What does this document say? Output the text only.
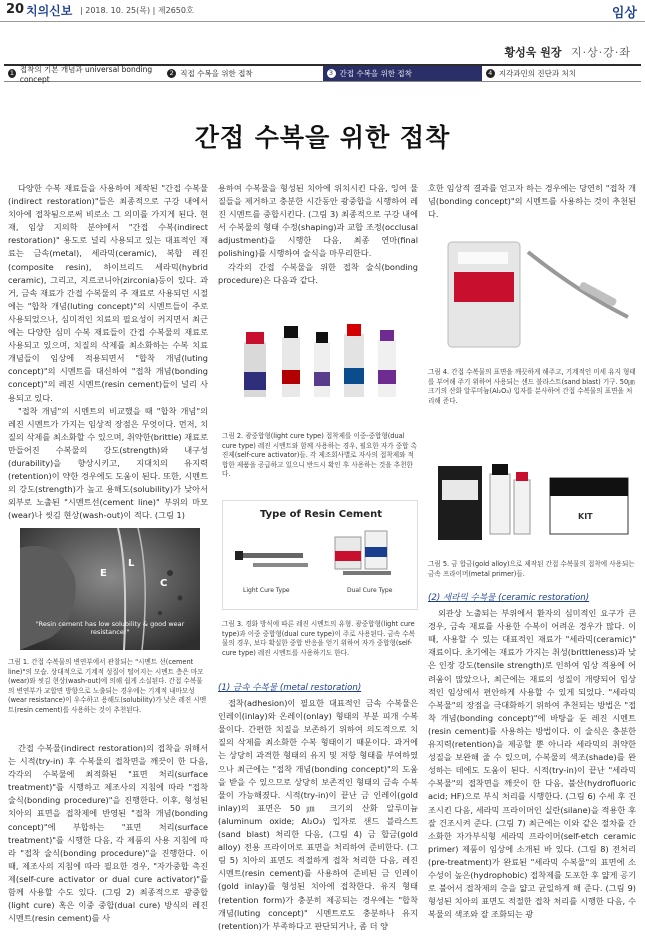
20 치의신보 | 2018. 10. 25(목) | 제2650호	임상
황성욱 원장 지·상·강·좌
1 접착의 기본 개념과 universal bonding concept
2 직접 수복을 위한 접착	3 간접 수복을 위한 접착	4 지각과민의 진단과 처치
간접 수복을 위한 접착

다양한 수복 재료들을 사용하여 제작된 "간접 수복물(indirect restoration)"들은 최종적으로 구강 내에서 치아에 접착됨으로써 비로소 그 의미를 가지게 된다. 현재, 임상 지의학 분야에서 "간접 수복(indirect restoration)" 용도로 널리 사용되고 있는 대표적인 재료는 금속(metal), 세라믹(ceramic), 복합 레진(composite resin), 하이브리드 세라믹(hybrid ceramic), 그리고, 지르코니아(zirconia)등이 있다. 과거, 금속 재료가 간접 수복물의 주 재료로 사용되던 시절에는 "합착 개념(luting concept)"의 시멘트들이 주로 사용되었으나, 심미적인 치료의 필요성이 커지면서 최근에는 다양한 심미 수복 재료들이 간접 수복물의 재료로 사용되고 있으며, 치질의 삭제를 최소화하는 수복 치료 개념들이 임상에 적용되면서 "합착 개념(luting concept)"의 시멘트를 대신하여 "접착 개념(bonding concept)"의 레진 시멘트(resin cement)들이 널리 사용되고 있다.

"접착 개념"의 시멘트의 비교했을 때 "합착 개념"의 레진 시멘트가 가지는 임상적 장점은 무엇이다. 먼저, 치질의 삭제를 최소화할 수 있으며, 취약한(brittle) 재료로 만들어진 수복물의 강도(strength)와 내구성(durability)을 향상시키고, 지대치의 유지력(retention)이 약한 경우에도 도움이 된다. 또한, 시멘트의 강도(strength)가 높고 용해도(solubility)가 낮아서 외부로 노출된 "시멘트선(cement line)" 부위의 마모(wear)나 씻김 현상(wash-out)이 적다. (그림 1)

E
L
C
"Resin cement has low solubility & good wear resistance!"
그림 1. 간접 수복물의 변연부에서 관찰되는 "시멘트 선(cement line)"의 모습. 상대적으로 기계적 성질이 떨어지는 시멘트 층은 마모(wear)와 씻김 현상(wash-out)에 의해 쉽게 소실된다. 간접 수복물의 변연부가 교합면 방향으로 노출되는 경우에는 기계적 내마모성(wear resistance)이 우수하고 용해도(solubility)가 낮은 레진 시멘트(resin cement)를 사용하는 것이 추천된다.

간접 수복물(indirect restoration)의 접착을 위해서는 시적(try-in) 후 수복물의 접착면을 깨끗이 한 다음, 각각의 수복물에 최적화된 "표면 처리(surface treatment)"를 시행하고 제조사의 지침에 따라 "접착 술식(bonding procedure)"을 진행한다. 이후, 형성된 치아의 표면을 접착제에 반영된 "접착 개념(bonding concept)"에 부합하는 "표면 처리(surface treatment)"를 시행한 다음, 각 제품의 사용 지침에 따라 "접착 술식(bonding procedure)"을 진행한다. 이때, 제조사의 지침에 따라 필요한 경우, "자가중합 촉진제(self-cure activator or dual cure activator)"를 함께 사용할 수도 있다. (그림 2) 최종적으로 광중합(light cure) 혹은 이중 중합(dual cure) 방식의 레진 시멘트(resin cement)를 사

용하여 수복물을 형성된 치아에 위치시킨 다음, 잉여 물질들을 제거하고 충분한 시간동안 광중합을 시행하여 레진 시멘트를 중합시킨다. (그림 3) 최종적으로 구강 내에서 수복물의 형태 수정(shaping)과 교합 조정(occlusal adjustment)을 시행한 다음, 최종 연마(final polishing)를 시행하여 술식을 마무리한다.

각각의 간접 수복물을 위한 접착 술식(bonding procedure)은 다음과 같다.

그림 2. 광중합형(light cure type) 접착제를 이중-중합형(dual cure type) 레진 시멘트와 함께 사용하는 경우, 필요한 자가 중합 촉진제(self-cure activator)들. 각 제조회사별로 자사의 접착제와 적합한 제품을 공급하고 있으니 반드시 확인 후 사용하는 것을 추천한다.
Type of Resin Cement
Light Cure Type	Dual Cure Type
그림 3. 경화 방식에 따른 레진 시멘트의 유형. 광중합형(light cure type)과 이중 중합형(dual cure type)이 주로 사용된다. 금속 수복물의 경우, 보다 확실한 중합 반응을 얻기 위하여 자가 중합형(self-cure type) 레진 시멘트를 사용하기도 한다.
(1) 금속 수복물 (metal restoration)

접착(adhesion)이 필요한 대표적인 금속 수복물은 인레이(inlay)와 온레이(onlay) 형태의 부분 피개 수복물이다. 간편한 치질을 보존하기 위하여 의도적으로 치질의 삭제를 최소화한 수복 형태이기 때문이다. 과거에는 상당히 과격한 형태의 유지 및 저항 형태를 부여하였으나 최근에는 "접착 개념(bonding concept)"의 도움을 받을 수 있으므로 상당히 보존적인 형태의 금속 수복물이 가능해졌다. 시적(try-in)이 끝난 금 인레이(gold inlay)의 표면은 50㎛ 크기의 산화 알루미늄(aluminum oxide; Al₂O₃) 입자로 샌드 블라스트(sand blast) 처리한 다음, (그림 4) 금 합금(gold alloy) 전용 프라이머로 표면을 처리하여 준비한다. (그림 5) 치아의 표면도 적절하게 접착 처리한 다음, 레진 시멘트(resin cement)를 사용하여 준비된 금 인레이(gold inlay)를 형성된 치아에 접착한다. 유지 형태(retention form)가 충분히 제공되는 경우에는 "합착 개념(luting concept)" 시멘트로도 충분하나 유지(retention)가 부족하다고 판단되거나, 좀 더 양

호한 임상적 결과를 얻고자 하는 경우에는 당연히 "접착 개념(bonding concept)"의 시멘트를 사용하는 것이 추천된다.

그림 4. 간접 수복물의 표면을 깨끗하게 해주고, 기계적인 미세 유지 형태를 부여해 주기 위하여 사용되는 샌드 블라스트(sand blast) 기구. 50㎛ 크기의 산화 알루미늄(Al₂O₃) 입자를 분사하여 간접 수복물의 표면을 처리해 준다.
KIT
그림 5. 금 합금(gold alloy)으로 제작된 간접 수복물의 접착에 사용되는 금속 프라이머(metal primer)들.
(2) 세라믹 수복물 (ceramic restoration)

외관상 노출되는 부위에서 환자의 심미적인 요구가 큰 경우, 금속 재료를 사용한 수복이 어려운 경우가 많다. 이때, 사용할 수 있는 대표적인 재료가 "세라믹(ceramic)" 재료이다. 초기에는 재료가 가지는 취성(brittleness)과 낮은 인장 강도(tensile strength)로 인하여 임상 적용에 어려움이 많았으나, 최근에는 재료의 성질이 개량되어 임상적인 임상에서 편안하게 사용할 수 있게 되었다. "세라믹 수복물"의 장점을 극대화하기 위하여 추천되는 방법은 "접착 개념(bonding concept)"에 바탕을 둔 레진 시멘트(resin cement)를 사용하는 방법이다. 이 술식은 충분한 유지력(retention)을 제공할 뿐 아니라 세라믹의 취약한 성질을 보완해 줄 수 있으며, 수복물의 색조(shade)를 완성하는 데에도 도움이 된다. 시적(try-in)이 끝난 "세라믹 수복물"의 접착면을 깨끗이 한 다음, 불산(hydrofluoric acid; HF)으로 부식 처리를 시행한다. (그림 6) 수세 후 건조시킨 다음, 세라믹 프라이머인 실란(silane)을 적용한 후 잘 건조시켜 준다. (그림 7) 최근에는 이와 같은 절차를 간소화한 자가부식형 세라믹 프라이머(self-etch ceramic primer) 제품이 임상에 소개된 바 있다. (그림 8) 전처리(pre-treatment)가 완료된 "세라믹 수복물"의 표면에 소수성이 높은(hydrophobic) 접착제를 도포한 후 얇게 공기로 불어서 접착제의 층을 얇고 균일하게 해 준다. (그림 9) 형성된 치아의 표면도 적절한 접착 처리를 시행한 다음, 수복물의 색조와 잘 조화되는 광
